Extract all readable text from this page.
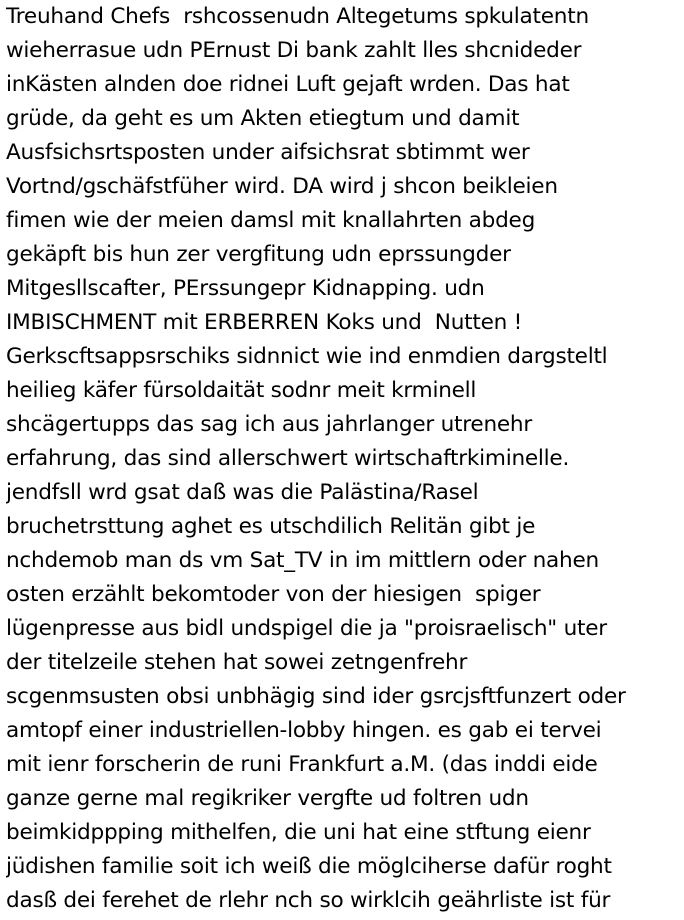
Treuhand Chefs  rshcossenudn Altegetums spkulatentn
wieherrasue udn PErnust Di bank zahlt lles shcnideder
inKästen alnden doe ridnei Luft gejaft wrden. Das hat
grüde, da geht es um Akten etiegtum und damit
Ausfsichsrtsposten under aifsichsrat sbtimmt wer
Vortnd/gschäfstfüher wird. DA wird j shcon beikleien
fimen wie der meien damsl mit knallahrten abdeg
gekäpft bis hun zer vergfitung udn eprssungder
Mitgesllscafter, PErssungepr Kidnapping. udn
IMBISCHMENT mit ERBERREN Koks und  Nutten !
Gerkscftsappsrschiks sidnnict wie ind enmdien dargsteltl
heilieg käfer fürsoldaität sodnr meit krminell
shcägertupps das sag ich aus jahrlanger utrenehr
erfahrung, das sind allerschwert wirtschaftrkiminelle.
jendfsll wrd gsat daß was die Palästina/Rasel
bruchetrsttung aghet es utschdilich Relitän gibt je
nchdemob man ds vm Sat_TV in im mittlern oder nahen
osten erzählt bekomtoder von der hiesigen  spiger
lügenpresse aus bidl undspigel die ja "proisraelisch" uter
der titelzeile stehen hat sowei zetngenfrehr
scgenmsusten obsi unbhägig sind ider gsrcjsftfunzert oder
amtopf einer industriellen-lobby hingen. es gab ei tervei
mit ienr forscherin de runi Frankfurt a.M. (das inddi eide
ganze gerne mal regikriker vergfte ud foltren udn
beimkidppping mithelfen, die uni hat eine stftung eienr
jüdishen familie soit ich weiß die möglciherse dafür roght
dasß dei ferehet de rlehr nch so wirklcih geährliste ist für
